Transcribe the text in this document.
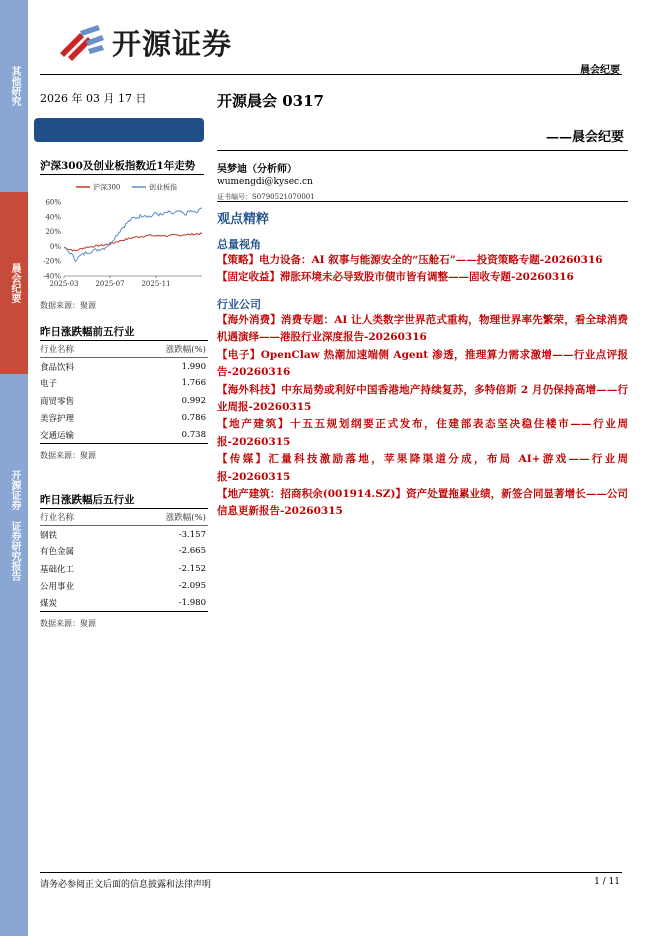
其他研究
晨会纪要
开源证券 证券研究报告
开源证券
晨会纪要
2026 年 03 月 17 日
沪深300及创业板指数近1年走势
沪深300	创业板指
60%
40%
20%
0%
-20%
-40%
2025-03 2025-07 2025-11
数据来源：聚源
昨日涨跌幅前五行业
行业名称	涨跌幅(%)
食品饮料	1.990
电子	1.766
商贸零售	0.992
美容护理	0.786
交通运输	0.738
数据来源：聚源
昨日涨跌幅后五行业
行业名称	涨跌幅(%)
钢铁	-3.157
有色金属	-2.665
基础化工	-2.152
公用事业	-2.095
煤炭	-1.980
数据来源：聚源
开源晨会 0317
——晨会纪要
吴梦迪（分析师）
wumengdi@kysec.cn
证书编号：S0790521070001
观点精粹
总量视角
【策略】电力设备：AI 叙事与能源安全的“压舱石”——投资策略专题-20260316
【固定收益】滞胀环境未必导致股市债市皆有调整——固收专题-20260316
行业公司
【海外消费】消费专题：AI 让人类数字世界范式重构，物理世界率先繁荣，看全球消费机遇演绎——港股行业深度报告-20260316
【电子】OpenClaw 热潮加速端侧 Agent 渗透，推理算力需求激增——行业点评报告-20260316
【海外科技】中东局势或利好中国香港地产持续复苏，多特倍斯 2 月仍保持高增——行业周报-20260315
【地产建筑】十五五规划纲要正式发布，住建部表态坚决稳住楼市——行业周报-20260315
【传媒】汇量科技激励落地，苹果降渠道分成，布局 AI+游戏——行业周报-20260315
【地产建筑：招商积余(001914.SZ)】资产处置拖累业绩，新签合同显著增长——公司信息更新报告-20260315
请务必参阅正文后面的信息披露和法律声明	1 / 11
